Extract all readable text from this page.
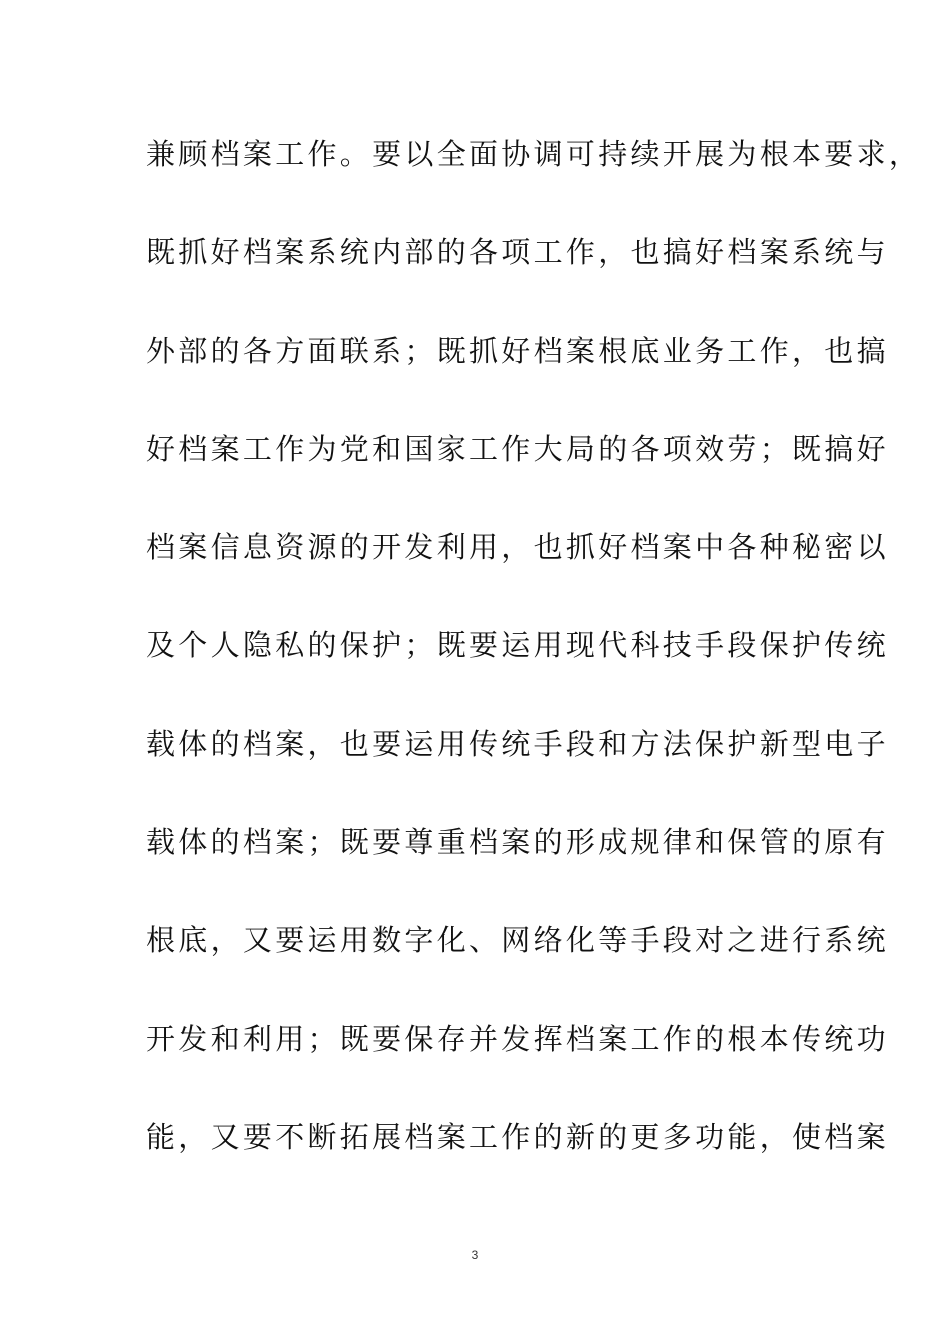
兼顾档案工作。要以全面协调可持续开展为根本要求，
既抓好档案系统内部的各项工作，也搞好档案系统与
外部的各方面联系；既抓好档案根底业务工作，也搞
好档案工作为党和国家工作大局的各项效劳；既搞好
档案信息资源的开发利用，也抓好档案中各种秘密以
及个人隐私的保护；既要运用现代科技手段保护传统
载体的档案，也要运用传统手段和方法保护新型电子
载体的档案；既要尊重档案的形成规律和保管的原有
根底，又要运用数字化、网络化等手段对之进行系统
开发和利用；既要保存并发挥档案工作的根本传统功
能，又要不断拓展档案工作的新的更多功能，使档案
3
